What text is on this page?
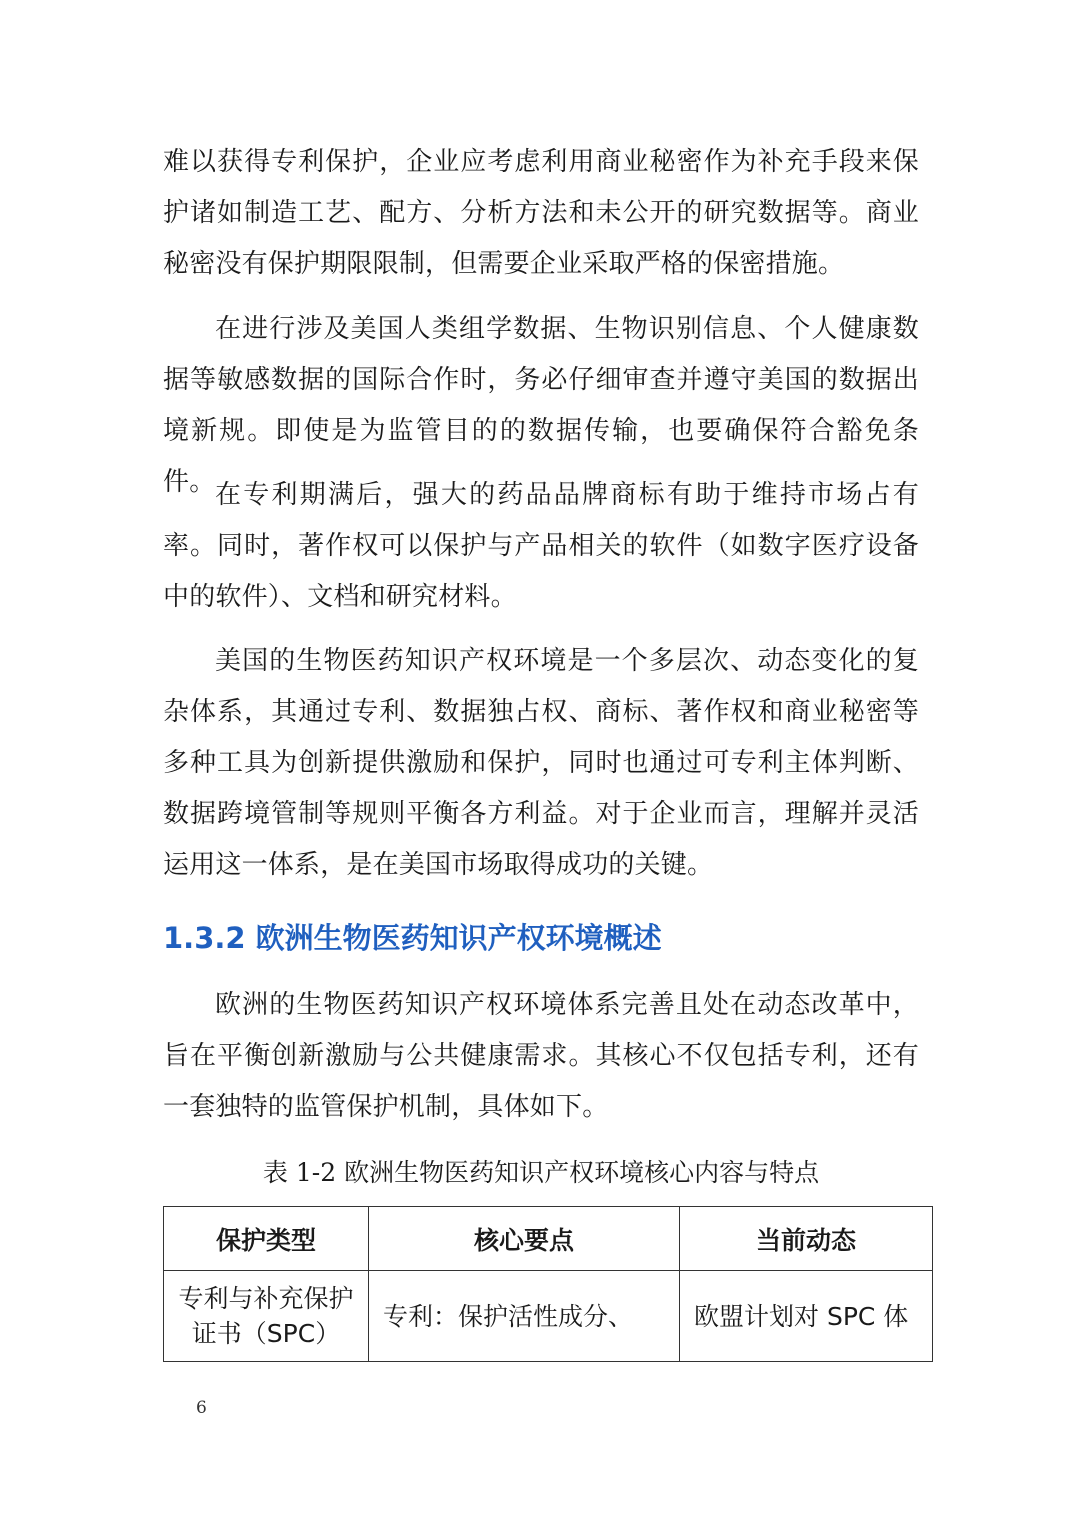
难以获得专利保护，企业应考虑利用商业秘密作为补充手段来保护诸如制造工艺、配方、分析方法和未公开的研究数据等。商业秘密没有保护期限限制，但需要企业采取严格的保密措施。

在进行涉及美国人类组学数据、生物识别信息、个人健康数据等敏感数据的国际合作时，务必仔细审查并遵守美国的数据出境新规。即使是为监管目的的数据传输，也要确保符合豁免条件。 在专利期满后，强大的药品品牌商标有助于维持市场占有率。同时，著作权可以保护与产品相关的软件（如数字医疗设备中的软件）、文档和研究材料。

美国的生物医药知识产权环境是一个多层次、动态变化的复杂体系，其通过专利、数据独占权、商标、著作权和商业秘密等多种工具为创新提供激励和保护，同时也通过可专利主体判断、数据跨境管制等规则平衡各方利益。对于企业而言，理解并灵活运用这一体系，是在美国市场取得成功的关键。

1.3.2 欧洲生物医药知识产权环境概述

欧洲的生物医药知识产权环境体系完善且处在动态改革中，旨在平衡创新激励与公共健康需求。其核心不仅包括专利，还有一套独特的监管保护机制，具体如下。

表 1-2 欧洲生物医药知识产权环境核心内容与特点

保护类型	核心要点	当前动态
专利与补充保护
证书（SPC）	专利：保护活性成分、	欧盟计划对 SPC 体
6
